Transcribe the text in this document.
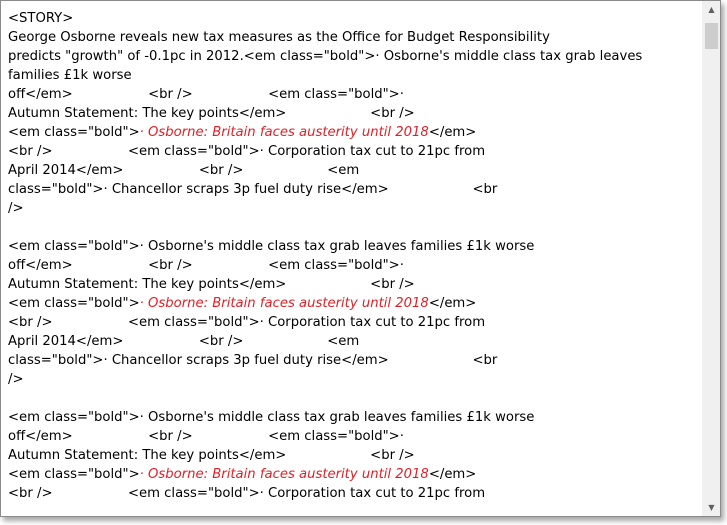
<STORY>
George Osborne reveals new tax measures as the Office for Budget Responsibility
predicts "growth" of -0.1pc in 2012.<em class="bold">· Osborne's middle class tax grab leaves
families £1k worse
off</em>                  <br />                  <em class="bold">·
Autumn Statement: The key points</em>                    <br />
<em class="bold">· Osborne: Britain faces austerity until 2018</em>
<br />                  <em class="bold">· Corporation tax cut to 21pc from
April 2014</em>                  <br />                    <em
class="bold">· Chancellor scraps 3p fuel duty rise</em>                    <br
/>
<em class="bold">· Osborne's middle class tax grab leaves families £1k worse
off</em>                  <br />                  <em class="bold">·
Autumn Statement: The key points</em>                    <br />
<em class="bold">· Osborne: Britain faces austerity until 2018</em>
<br />                  <em class="bold">· Corporation tax cut to 21pc from
April 2014</em>                  <br />                    <em
class="bold">· Chancellor scraps 3p fuel duty rise</em>                    <br
/>
<em class="bold">· Osborne's middle class tax grab leaves families £1k worse
off</em>                  <br />                  <em class="bold">·
Autumn Statement: The key points</em>                    <br />
<em class="bold">· Osborne: Britain faces austerity until 2018</em>
<br />                  <em class="bold">· Corporation tax cut to 21pc from
▲
▼
